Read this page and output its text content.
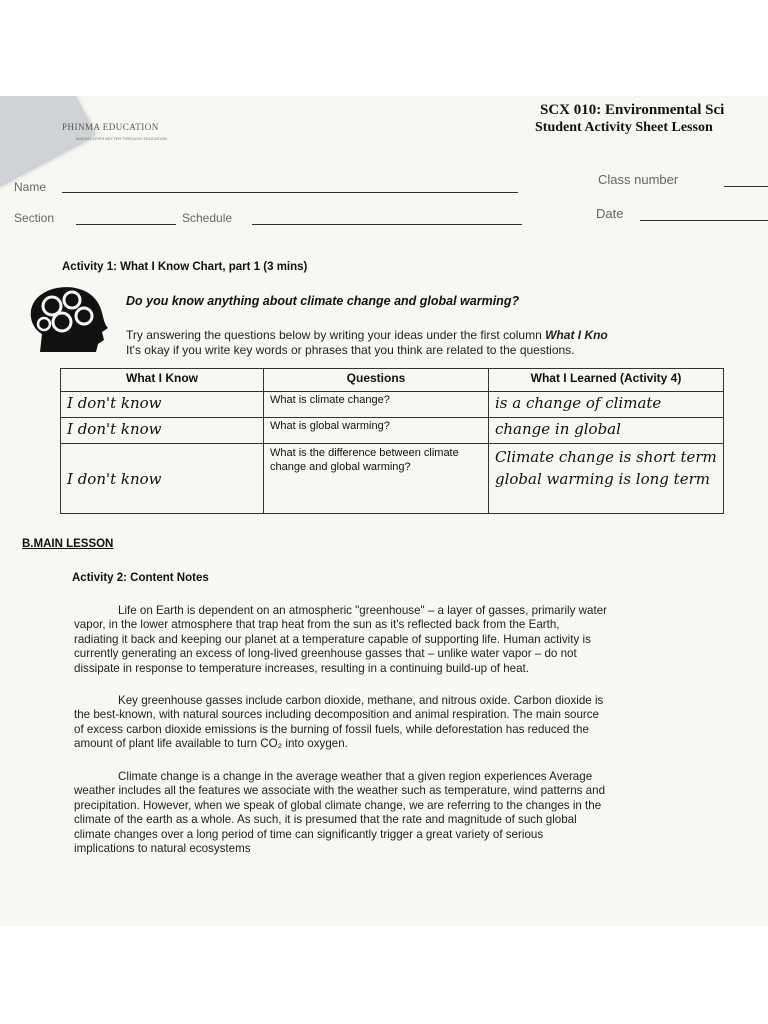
PHINMA EDUCATION
MAKING LIVES BETTER THROUGH EDUCATION
SCX 010: Environmental Sci
Student Activity Sheet Lesson
Name	Class number
Section	Schedule	Date
Activity 1: What I Know Chart, part 1 (3 mins)
Do you know anything about climate change and global warming?
Try answering the questions below by writing your ideas under the first column What I Kno
It's okay if you write key words or phrases that you think are related to the questions.
What I Know	Questions	What I Learned (Activity 4)
I don't know	What is climate change?	is a change of climate
I don't know	What is global warming?	change in global
I don't know	What is the difference between climate change and global warming?	Climate change is short term global warming is long term
B.MAIN LESSON
Activity 2: Content Notes
Life on Earth is dependent on an atmospheric "greenhouse" – a layer of gasses, primarily water
vapor, in the lower atmosphere that trap heat from the sun as it's reflected back from the Earth,
radiating it back and keeping our planet at a temperature capable of supporting life. Human activity is
currently generating an excess of long-lived greenhouse gasses that – unlike water vapor – do not
dissipate in response to temperature increases, resulting in a continuing build-up of heat.
Key greenhouse gasses include carbon dioxide, methane, and nitrous oxide. Carbon dioxide is
the best-known, with natural sources including decomposition and animal respiration. The main source
of excess carbon dioxide emissions is the burning of fossil fuels, while deforestation has reduced the
amount of plant life available to turn CO₂ into oxygen.
Climate change is a change in the average weather that a given region experiences Average
weather includes all the features we associate with the weather such as temperature, wind patterns and
precipitation. However, when we speak of global climate change, we are referring to the changes in the
climate of the earth as a whole. As such, it is presumed that the rate and magnitude of such global
climate changes over a long period of time can significantly trigger a great variety of serious
implications to natural ecosystems
